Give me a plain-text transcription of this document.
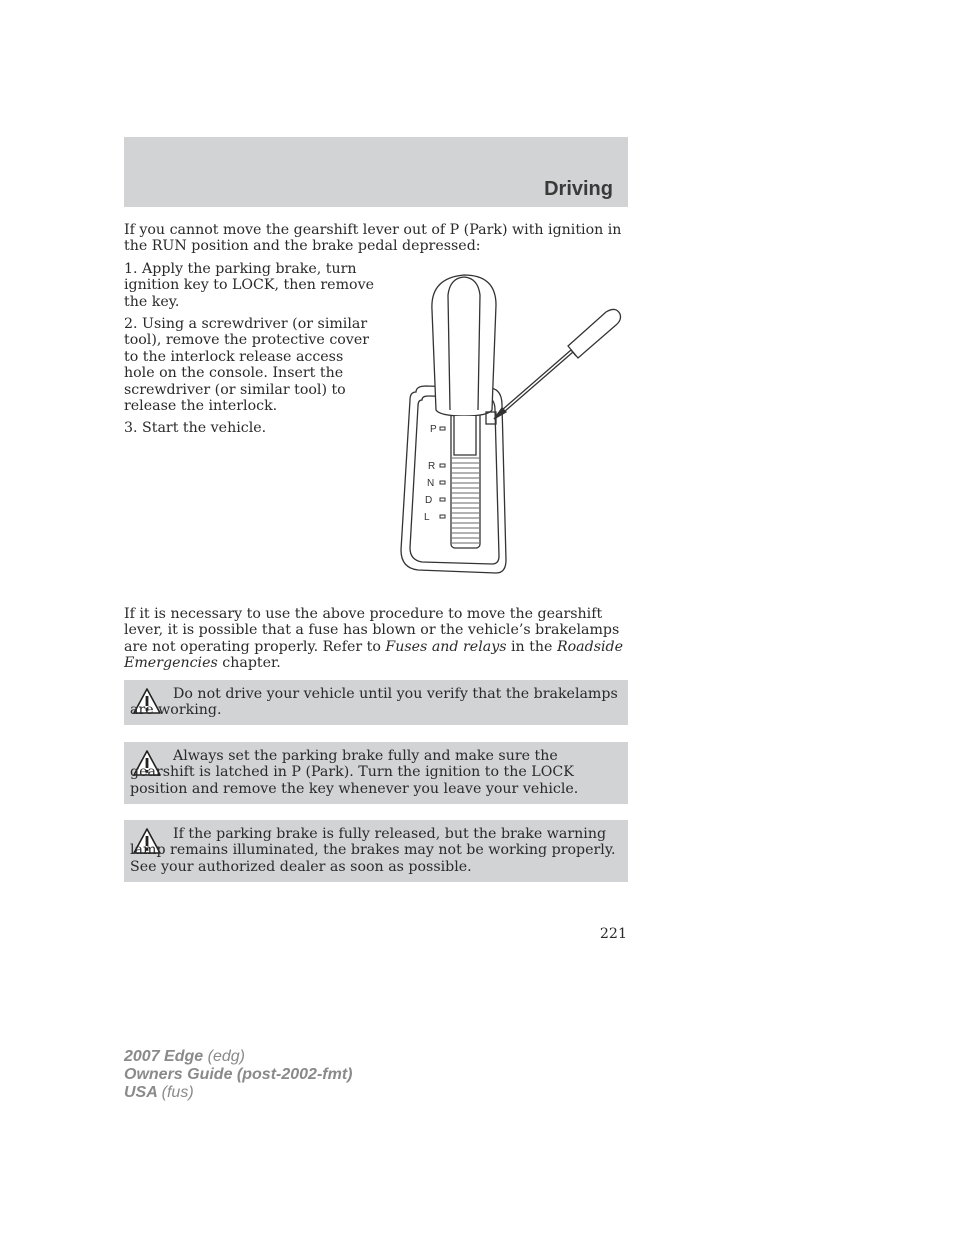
Driving
If you cannot move the gearshift lever out of P (Park) with ignition in the RUN position and the brake pedal depressed:
1. Apply the parking brake, turn ignition key to LOCK, then remove the key.
2. Using a screwdriver (or similar tool), remove the protective cover to the interlock release access hole on the console. Insert the screwdriver (or similar tool) to release the interlock.
3. Start the vehicle.	P
R
N
D
L
If it is necessary to use the above procedure to move the gearshift lever, it is possible that a fuse has blown or the vehicle’s brakelamps are not operating properly. Refer to Fuses and relays in the Roadside Emergencies chapter.
Do not drive your vehicle until you verify that the brakelamps are working.
Always set the parking brake fully and make sure the gearshift is latched in P (Park). Turn the ignition to the LOCK position and remove the key whenever you leave your vehicle.
If the parking brake is fully released, but the brake warning lamp remains illuminated, the brakes may not be working properly. See your authorized dealer as soon as possible.
221
2007 Edge (edg)
Owners Guide (post-2002-fmt)
USA (fus)
